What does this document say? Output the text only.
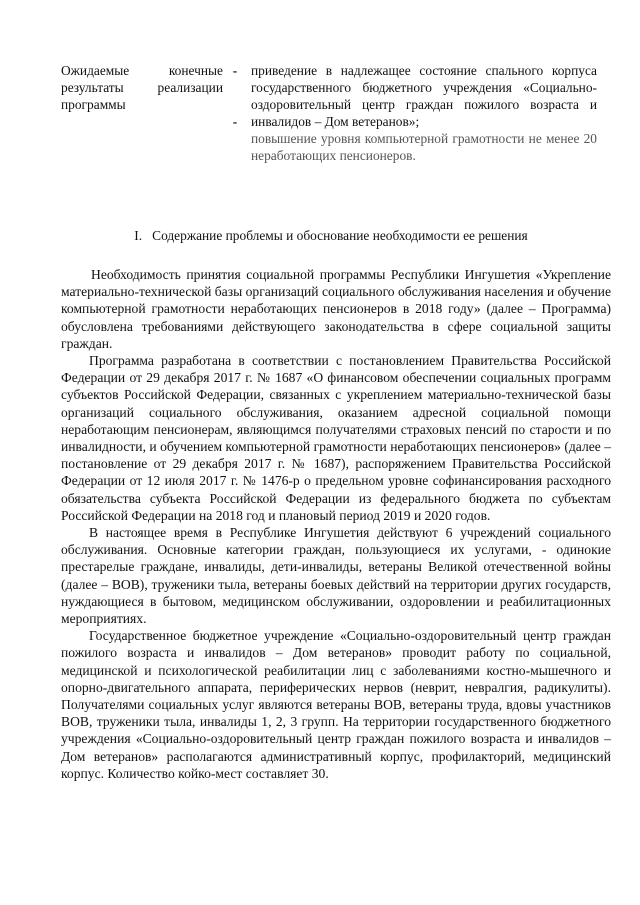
Ожидаемые конечные результаты реализации программы
-
-
приведение в надлежащее состояние спального корпуса государственного бюджетного учреждения «Социально-оздоровительный центр граждан пожилого возраста и инвалидов – Дом ветеранов»;
повышение уровня компьютерной грамотности не менее 20 неработающих пенсионеров.
I.   Содержание проблемы и обоснование необходимости ее решения

Необходимость принятия социальной программы Республики Ингушетия «Укрепление материально-технической базы организаций социального обслуживания населения и обучение компьютерной грамотности неработающих пенсионеров в 2018 году» (далее – Программа) обусловлена требованиями действующего законодательства в сфере социальной защиты граждан.

Программа разработана в соответствии с постановлением Правительства Российской Федерации от 29 декабря 2017 г. № 1687 «О финансовом обеспечении социальных программ субъектов Российской Федерации, связанных с укреплением материально-технической базы организаций социального обслуживания, оказанием адресной социальной помощи неработающим пенсионерам, являющимся получателями страховых пенсий по старости и по инвалидности, и обучением компьютерной грамотности неработающих пенсионеров» (далее – постановление от 29 декабря 2017 г. № 1687), распоряжением Правительства Российской Федерации от 12 июля 2017 г. № 1476-р о предельном уровне софинансирования расходного обязательства субъекта Российской Федерации из федерального бюджета по субъектам Российской Федерации на 2018 год и плановый период 2019 и 2020 годов.

В настоящее время в Республике Ингушетия действуют 6 учреждений социального обслуживания. Основные категории граждан, пользующиеся их услугами, - одинокие престарелые граждане, инвалиды, дети-инвалиды, ветераны Великой отечественной войны (далее – ВОВ), труженики тыла, ветераны боевых действий на территории других государств, нуждающиеся в бытовом, медицинском обслуживании, оздоровлении и реабилитационных мероприятиях.

Государственное бюджетное учреждение «Социально-оздоровительный центр граждан пожилого возраста и инвалидов – Дом ветеранов» проводит работу по социальной, медицинской и психологической реабилитации лиц с заболеваниями костно-мышечного и опорно-двигательного аппарата, периферических нервов (неврит, невралгия, радикулиты). Получателями социальных услуг являются ветераны ВОВ, ветераны труда, вдовы участников ВОВ, труженики тыла, инвалиды 1, 2, 3 групп. На территории государственного бюджетного учреждения «Социально-оздоровительный центр граждан пожилого возраста и инвалидов – Дом ветеранов» располагаются административный корпус, профилакторий, медицинский корпус. Количество койко-мест составляет 30.
